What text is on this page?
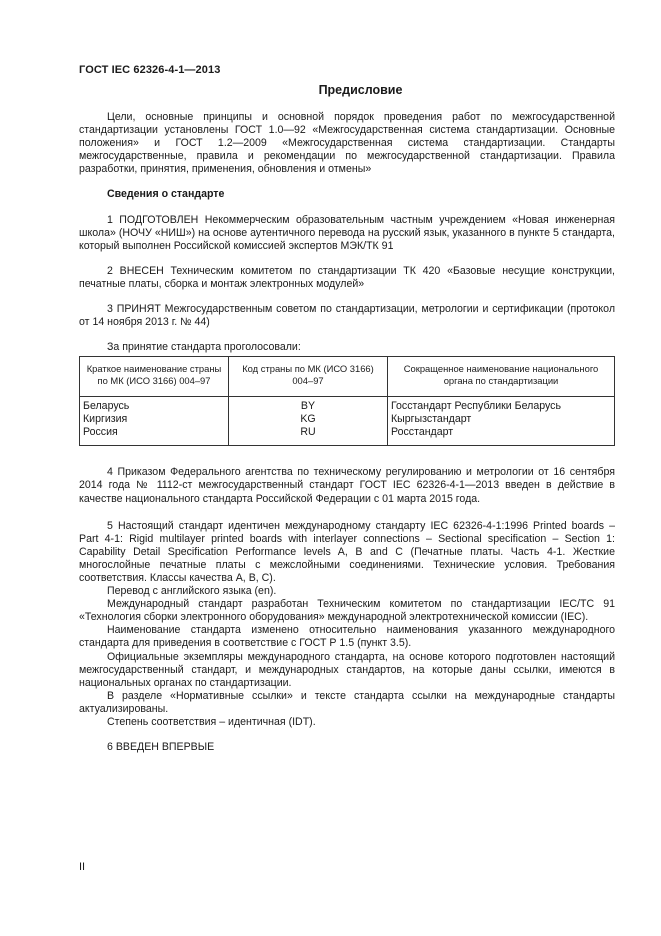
ГОСТ IEC 62326-4-1—2013
Предисловие

Цели, основные принципы и основной порядок проведения работ по межгосударственной стандартизации установлены ГОСТ 1.0—92 «Межгосударственная система стандартизации. Основные положения» и ГОСТ 1.2—2009 «Межгосударственная система стандартизации. Стандарты межгосударственные, правила и рекомендации по межгосударственной стандартизации. Правила разработки, принятия, применения, обновления и отмены»

Сведения о стандарте

1 ПОДГОТОВЛЕН Некоммерческим образовательным частным учреждением «Новая инженерная школа» (НОЧУ «НИШ») на основе аутентичного перевода на русский язык, указанного в пункте 5 стандарта, который выполнен Российской комиссией экспертов МЭК/ТК 91

2 ВНЕСЕН Техническим комитетом по стандартизации ТК 420 «Базовые несущие конструкции, печатные платы, сборка и монтаж электронных модулей»

3 ПРИНЯТ Межгосударственным советом по стандартизации, метрологии и сертификации (протокол от 14 ноября 2013 г. № 44)

За принятие стандарта проголосовали:

Краткое наименование страны по МК (ИСО 3166) 004–97	Код страны по МК (ИСО 3166) 004–97	Сокращенное наименование национального органа по стандартизации
Беларусь	BY	Госстандарт Республики Беларусь
Киргизия	KG	Кыргызстандарт
Россия	RU	Росстандарт

4 Приказом Федерального агентства по техническому регулированию и метрологии от 16 сентября 2014 года № 1112-ст межгосударственный стандарт ГОСТ IEC 62326-4-1—2013 введен в действие в качестве национального стандарта Российской Федерации с 01 марта 2015 года.

5 Настоящий стандарт идентичен международному стандарту IEC 62326-4-1:1996 Printed boards – Part 4-1: Rigid multilayer printed boards with interlayer connections – Sectional specification – Section 1: Capability Detail Specification Performance levels A, B and C (Печатные платы. Часть 4-1. Жесткие многослойные печатные платы с межслойными соединениями. Технические условия. Требования соответствия. Классы качества A, B, C).

Перевод с английского языка (en).

Международный стандарт разработан Техническим комитетом по стандартизации IEC/TC 91 «Технология сборки электронного оборудования» международной электротехнической комиссии (IEC).

Наименование стандарта изменено относительно наименования указанного международного стандарта для приведения в соответствие с ГОСТ Р 1.5 (пункт 3.5).

Официальные экземпляры международного стандарта, на основе которого подготовлен настоящий межгосударственный стандарт, и международных стандартов, на которые даны ссылки, имеются в национальных органах по стандартизации.

В разделе «Нормативные ссылки» и тексте стандарта ссылки на международные стандарты актуализированы.

Степень соответствия – идентичная (IDT).

6 ВВЕДЕН ВПЕРВЫЕ

II
